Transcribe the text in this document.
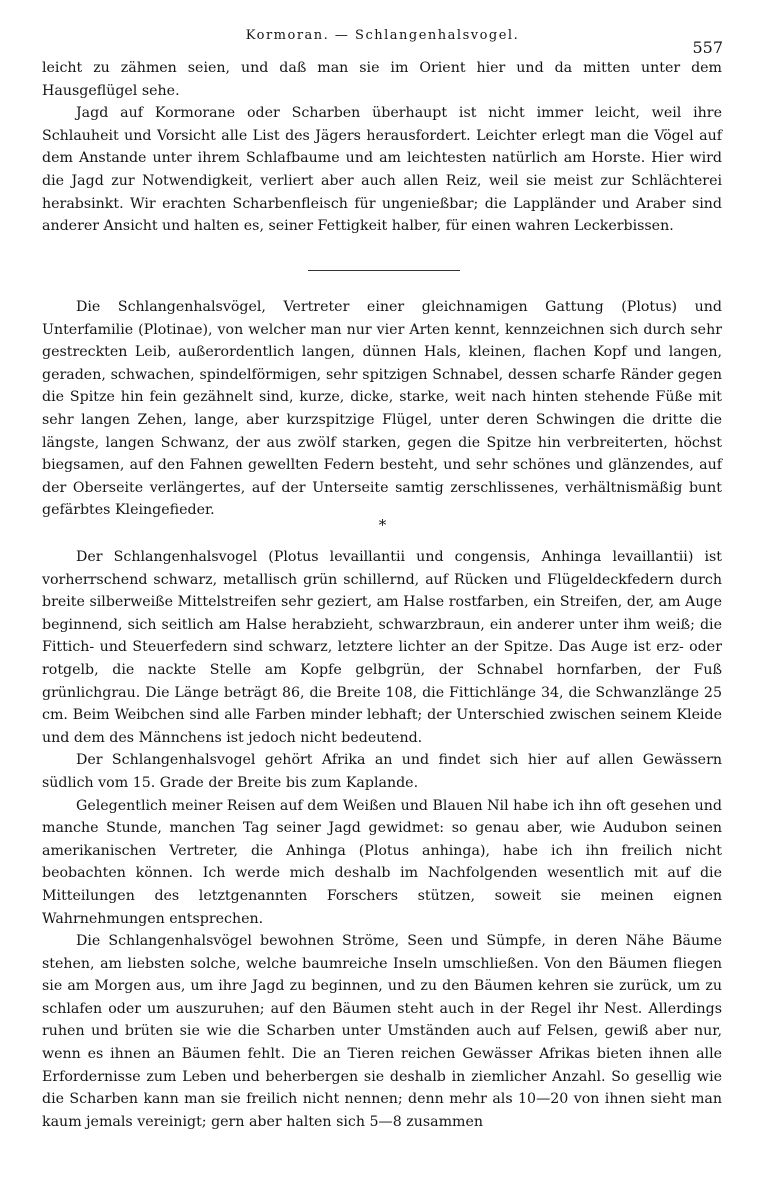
Kormoran. — Schlangenhalsvogel.
557

leicht zu zähmen seien, und daß man sie im Orient hier und da mitten unter dem Hausgeflügel sehe.

Jagd auf Kormorane oder Scharben überhaupt ist nicht immer leicht, weil ihre Schlauheit und Vorsicht alle List des Jägers herausfordert. Leichter erlegt man die Vögel auf dem Anstande unter ihrem Schlafbaume und am leichtesten natürlich am Horste. Hier wird die Jagd zur Notwendigkeit, verliert aber auch allen Reiz, weil sie meist zur Schlächterei herabsinkt. Wir erachten Scharbenfleisch für ungenießbar; die Lappländer und Araber sind anderer Ansicht und halten es, seiner Fettigkeit halber, für einen wahren Leckerbissen.

Die Schlangenhalsvögel, Vertreter einer gleichnamigen Gattung (Plotus) und Unterfamilie (Plotinae), von welcher man nur vier Arten kennt, kennzeichnen sich durch sehr gestreckten Leib, außerordentlich langen, dünnen Hals, kleinen, flachen Kopf und langen, geraden, schwachen, spindelförmigen, sehr spitzigen Schnabel, dessen scharfe Ränder gegen die Spitze hin fein gezähnelt sind, kurze, dicke, starke, weit nach hinten stehende Füße mit sehr langen Zehen, lange, aber kurzspitzige Flügel, unter deren Schwingen die dritte die längste, langen Schwanz, der aus zwölf starken, gegen die Spitze hin verbreiterten, höchst biegsamen, auf den Fahnen gewellten Federn besteht, und sehr schönes und glänzendes, auf der Oberseite verlängertes, auf der Unterseite samtig zerschlissenes, verhältnismäßig bunt gefärbtes Kleingefieder.

*

Der Schlangenhalsvogel (Plotus levaillantii und congensis, Anhinga levaillantii) ist vorherrschend schwarz, metallisch grün schillernd, auf Rücken und Flügeldeckfedern durch breite silberweiße Mittelstreifen sehr geziert, am Halse rostfarben, ein Streifen, der, am Auge beginnend, sich seitlich am Halse herabzieht, schwarzbraun, ein anderer unter ihm weiß; die Fittich- und Steuerfedern sind schwarz, letztere lichter an der Spitze. Das Auge ist erz- oder rotgelb, die nackte Stelle am Kopfe gelbgrün, der Schnabel hornfarben, der Fuß grünlichgrau. Die Länge beträgt 86, die Breite 108, die Fittichlänge 34, die Schwanzlänge 25 cm. Beim Weibchen sind alle Farben minder lebhaft; der Unterschied zwischen seinem Kleide und dem des Männchens ist jedoch nicht bedeutend.

Der Schlangenhalsvogel gehört Afrika an und findet sich hier auf allen Gewässern südlich vom 15. Grade der Breite bis zum Kaplande.

Gelegentlich meiner Reisen auf dem Weißen und Blauen Nil habe ich ihn oft gesehen und manche Stunde, manchen Tag seiner Jagd gewidmet: so genau aber, wie Audubon seinen amerikanischen Vertreter, die Anhinga (Plotus anhinga), habe ich ihn freilich nicht beobachten können. Ich werde mich deshalb im Nachfolgenden wesentlich mit auf die Mitteilungen des letztgenannten Forschers stützen, soweit sie meinen eignen Wahrnehmungen entsprechen.

Die Schlangenhalsvögel bewohnen Ströme, Seen und Sümpfe, in deren Nähe Bäume stehen, am liebsten solche, welche baumreiche Inseln umschließen. Von den Bäumen fliegen sie am Morgen aus, um ihre Jagd zu beginnen, und zu den Bäumen kehren sie zurück, um zu schlafen oder um auszuruhen; auf den Bäumen steht auch in der Regel ihr Nest. Allerdings ruhen und brüten sie wie die Scharben unter Umständen auch auf Felsen, gewiß aber nur, wenn es ihnen an Bäumen fehlt. Die an Tieren reichen Gewässer Afrikas bieten ihnen alle Erfordernisse zum Leben und beherbergen sie deshalb in ziemlicher Anzahl. So gesellig wie die Scharben kann man sie freilich nicht nennen; denn mehr als 10—20 von ihnen sieht man kaum jemals vereinigt; gern aber halten sich 5—8 zusammen
